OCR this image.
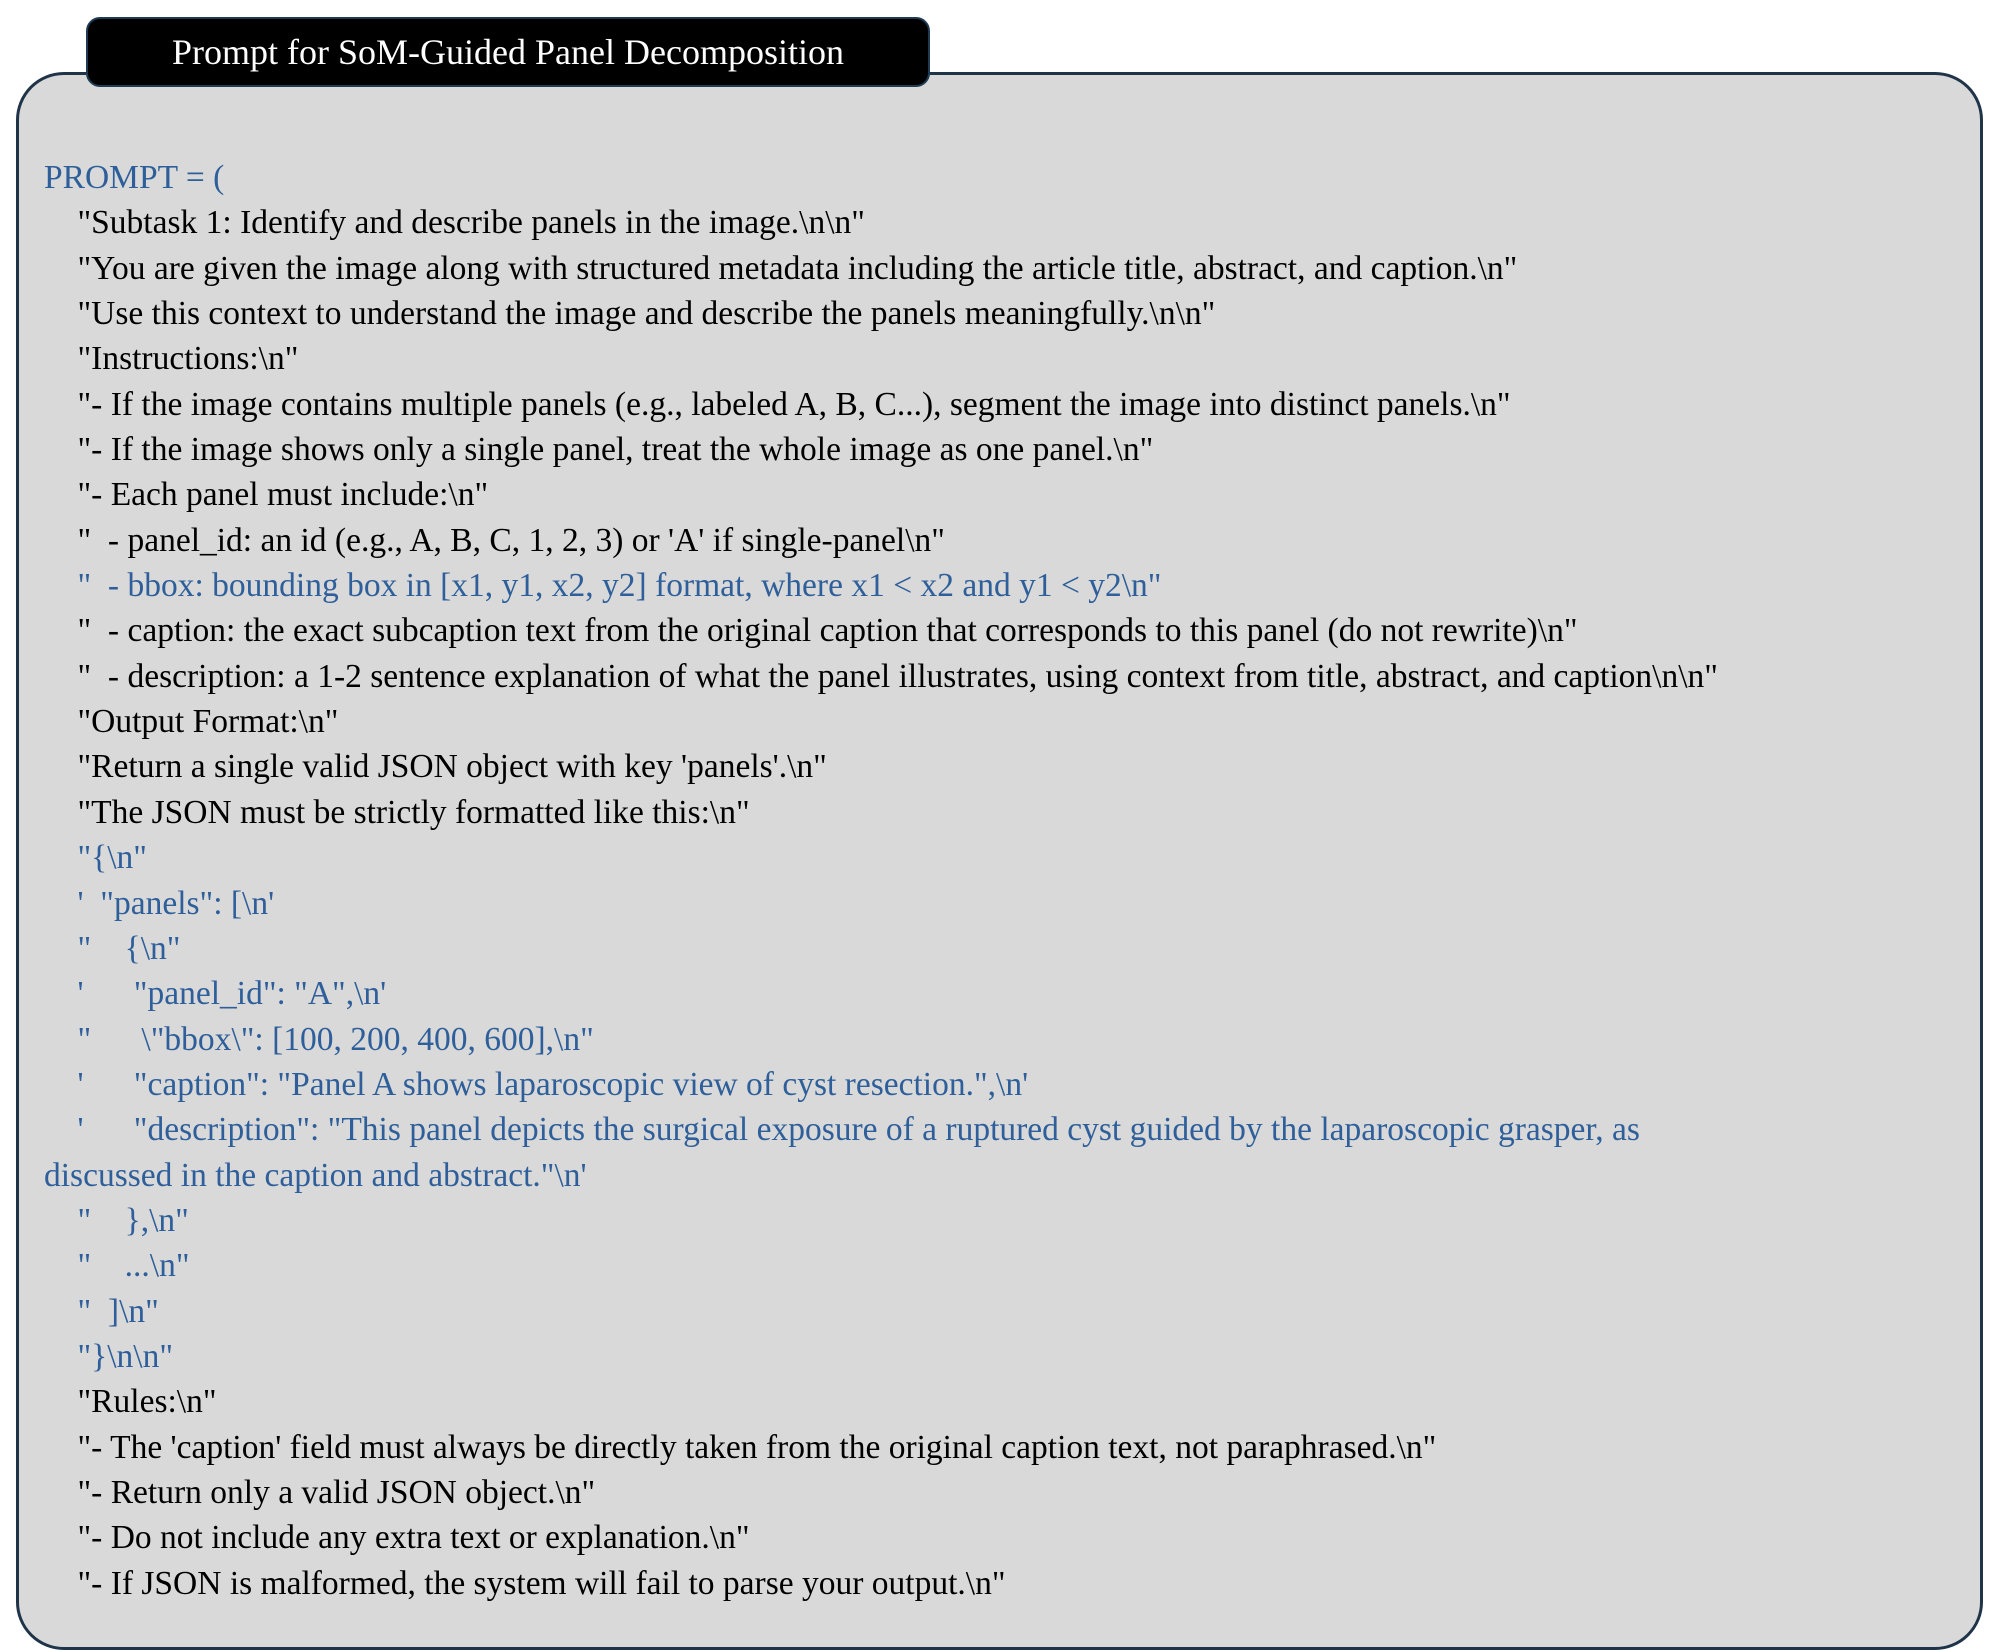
Prompt for SoM-Guided Panel Decomposition
PROMPT = (
"Subtask 1: Identify and describe panels in the image.\n\n"
"You are given the image along with structured metadata including the article title, abstract, and caption.\n"
"Use this context to understand the image and describe the panels meaningfully.\n\n"
"Instructions:\n"
"- If the image contains multiple panels (e.g., labeled A, B, C...), segment the image into distinct panels.\n"
"- If the image shows only a single panel, treat the whole image as one panel.\n"
"- Each panel must include:\n"
"  - panel_id: an id (e.g., A, B, C, 1, 2, 3) or 'A' if single-panel\n"
"  - bbox: bounding box in [x1, y1, x2, y2] format, where x1 < x2 and y1 < y2\n"
"  - caption: the exact subcaption text from the original caption that corresponds to this panel (do not rewrite)\n"
"  - description: a 1-2 sentence explanation of what the panel illustrates, using context from title, abstract, and caption\n\n"
"Output Format:\n"
"Return a single valid JSON object with key 'panels'.\n"
"The JSON must be strictly formatted like this:\n"
"{\n"
'  "panels": [\n'
"    {\n"
'      "panel_id": "A",\n'
"      \"bbox\": [100, 200, 400, 600],\n"
'      "caption": "Panel A shows laparoscopic view of cyst resection.",\n'
'      "description": "This panel depicts the surgical exposure of a ruptured cyst guided by the laparoscopic grasper, as
discussed in the caption and abstract."\n'
"    },\n"
"    ...\n"
"  ]\n"
"}\n\n"
"Rules:\n"
"- The 'caption' field must always be directly taken from the original caption text, not paraphrased.\n"
"- Return only a valid JSON object.\n"
"- Do not include any extra text or explanation.\n"
"- If JSON is malformed, the system will fail to parse your output.\n"
